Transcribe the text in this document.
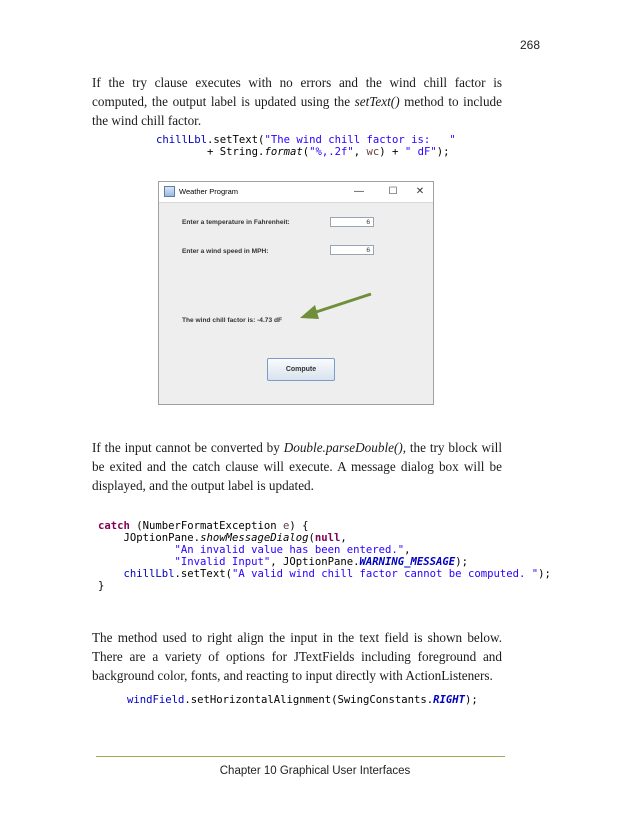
268

If the try clause executes with no errors and the wind chill factor is computed, the output label is updated using the setText() method to include the wind chill factor.

chillLbl.setText("The wind chill factor is:   "
+ String.format("%,.2f", wc) + " dF");
Weather Program	—	☐	✕
Enter a temperature in Fahrenheit:	6
Enter a wind speed in MPH:	6
The wind chill factor is: -4.73 dF
Compute

If the input cannot be converted by Double.parseDouble(), the try block will be exited and the catch clause will execute. A message dialog box will be displayed, and the output label is updated.

catch (NumberFormatException e) {
JOptionPane.showMessageDialog(null,
"An invalid value has been entered.",
"Invalid Input", JOptionPane.WARNING_MESSAGE);
chillLbl.setText("A valid wind chill factor cannot be computed. ");
}

The method used to right align the input in the text field is shown below. There are a variety of options for JTextFields including foreground and background color, fonts, and reacting to input directly with ActionListeners.

windField.setHorizontalAlignment(SwingConstants.RIGHT);
Chapter 10 Graphical User Interfaces
